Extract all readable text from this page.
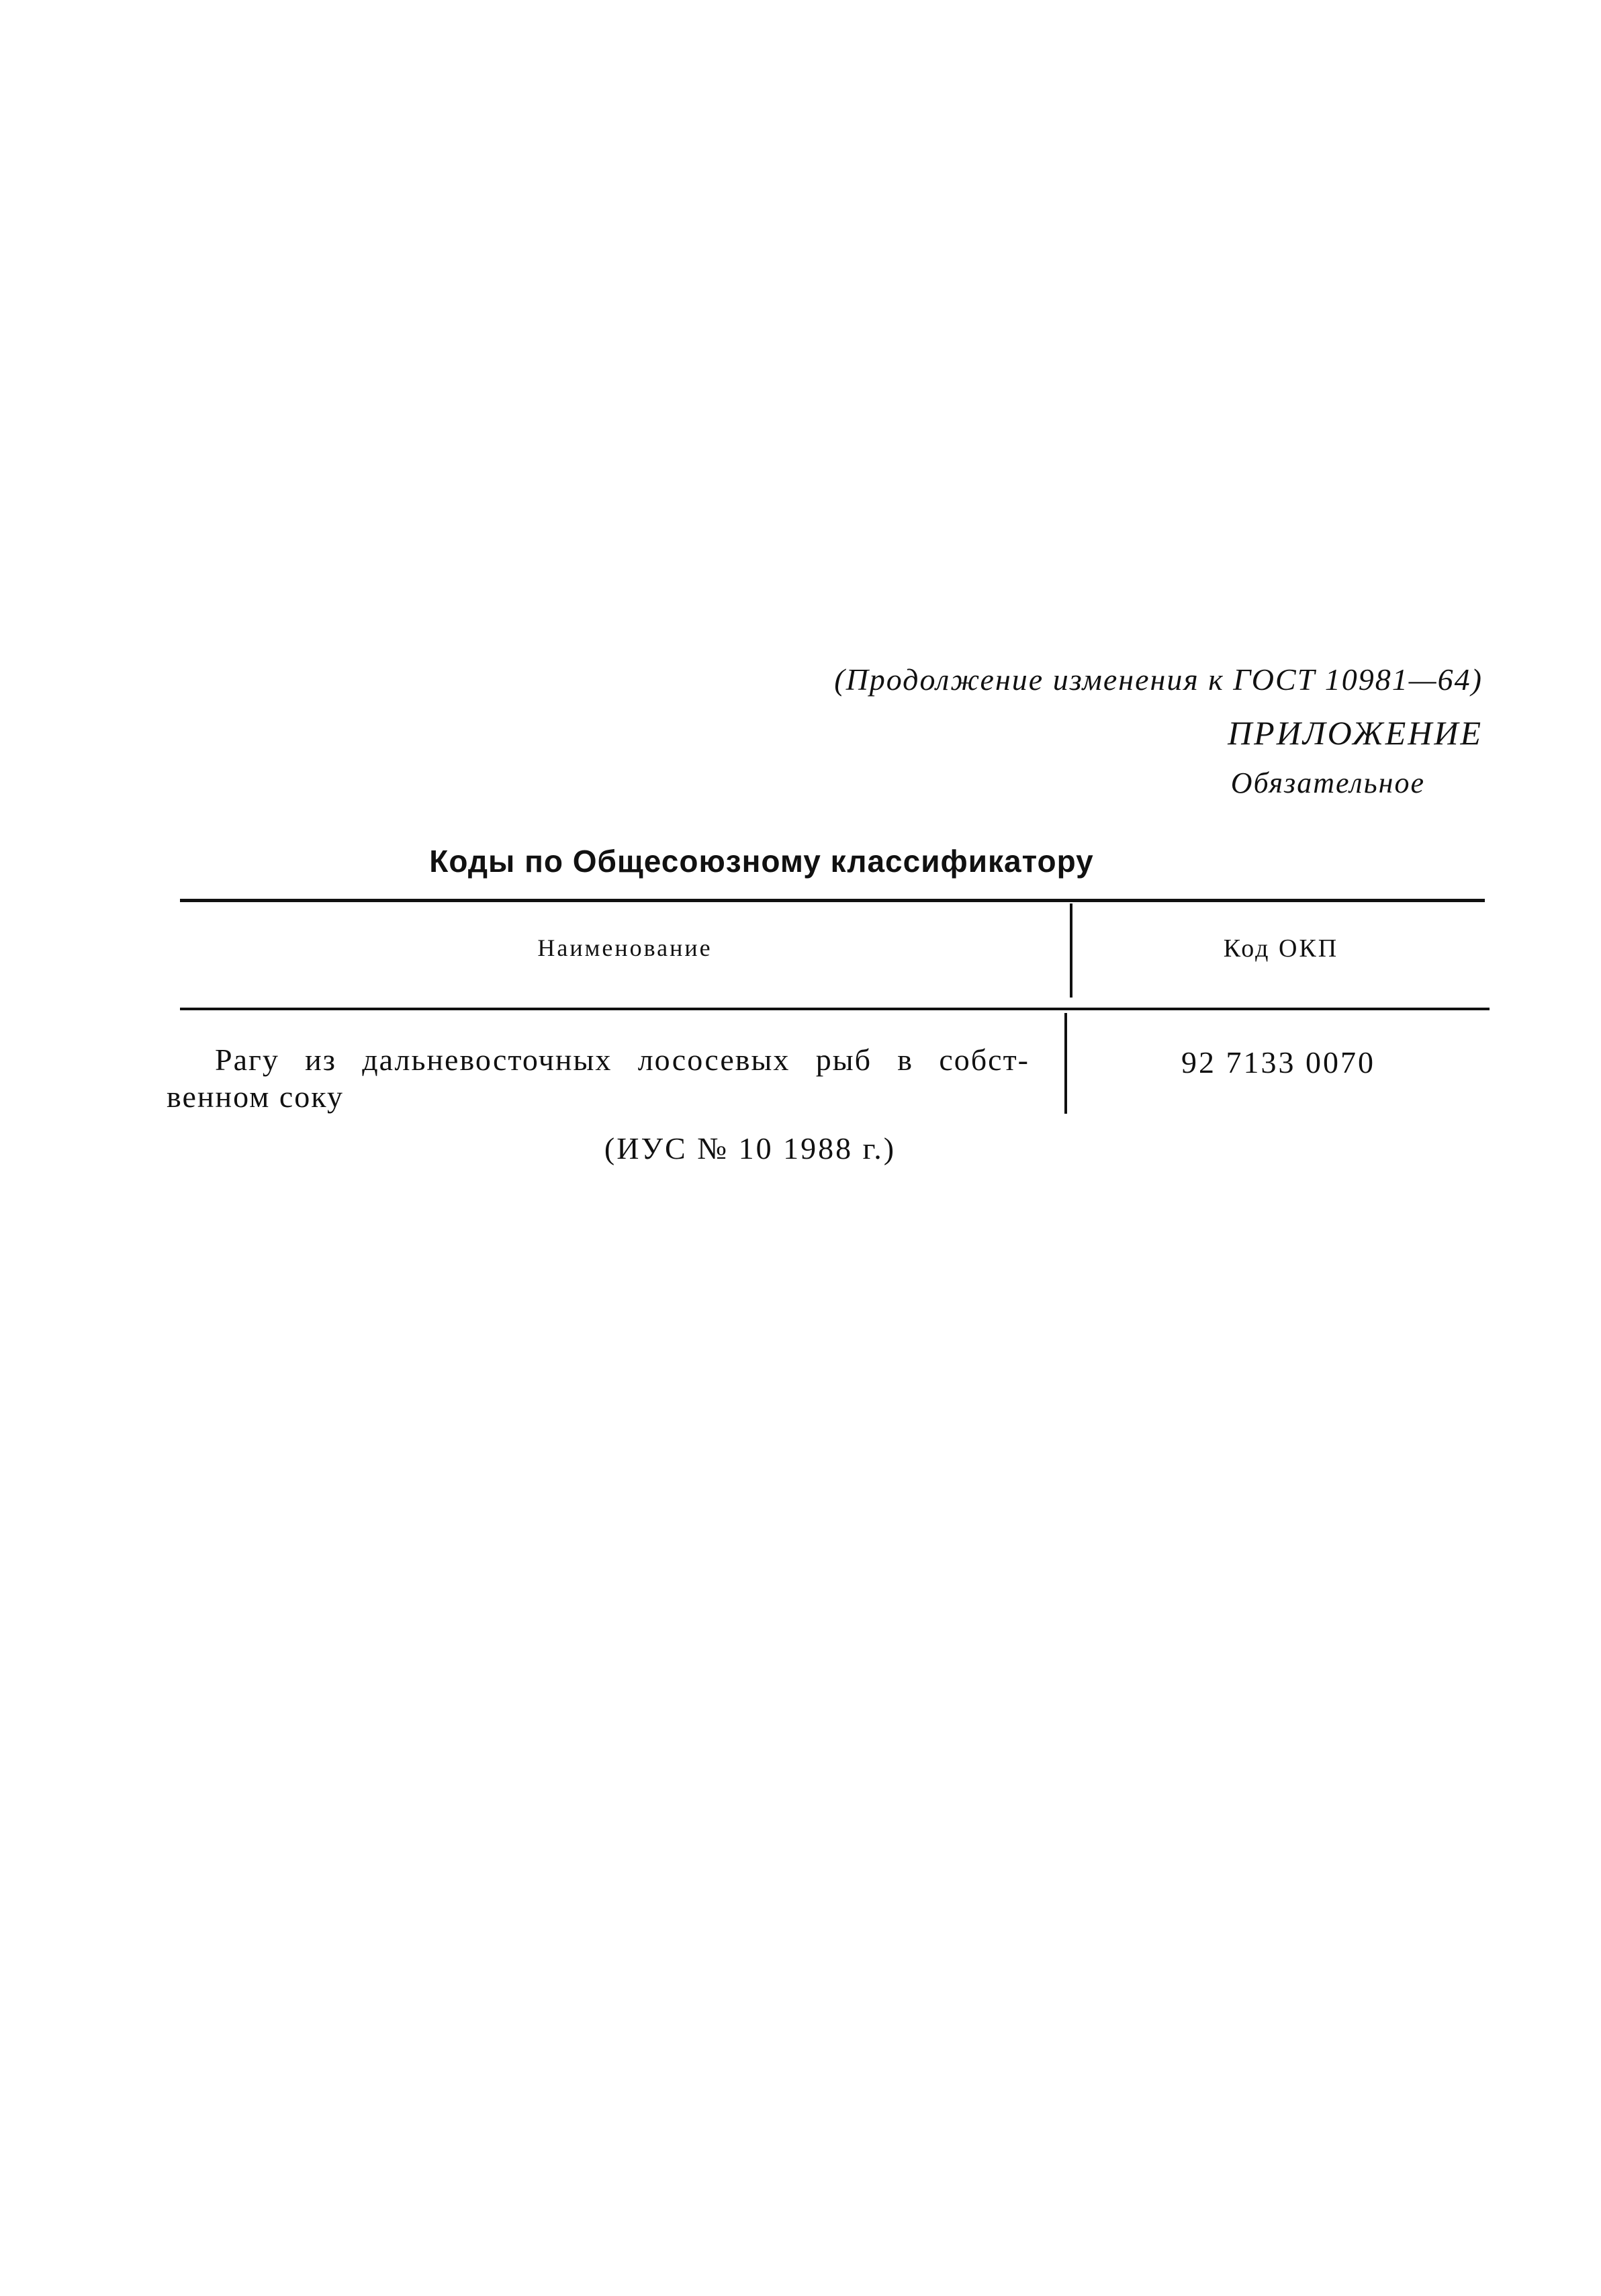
(Продолжение изменения к ГОСТ 10981—64)
ПРИЛОЖЕНИЕ
Обязательное
Коды по Общесоюзному классификатору
Наименование	Код ОКП
Рагу из дальневосточных лососевых рыб в собст-
венном соку
92 7133 0070
(ИУС № 10 1988 г.)
